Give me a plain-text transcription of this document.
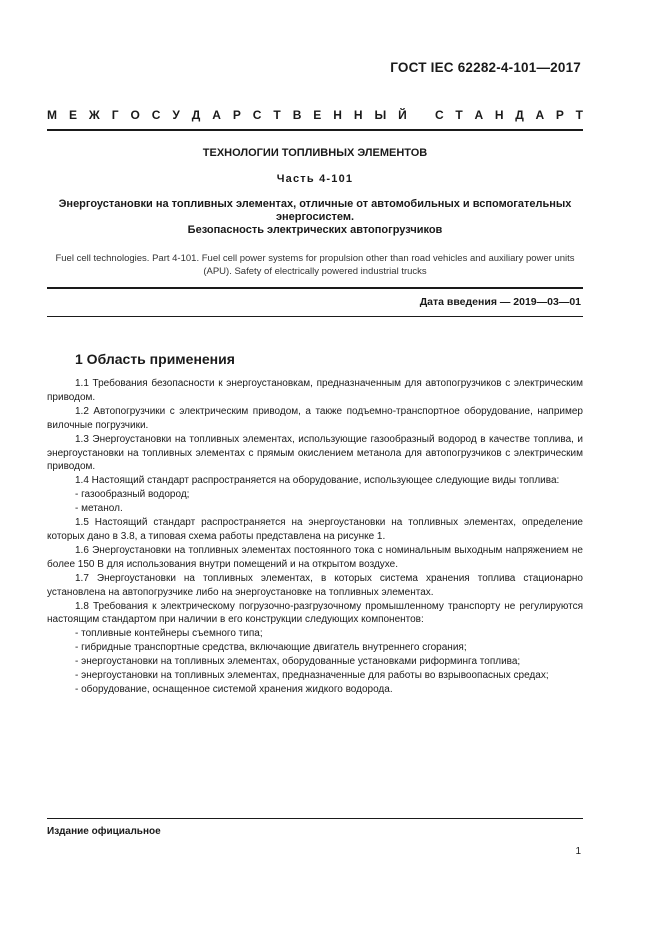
ГОСТ IEC 62282-4-101—2017
М Е Ж Г О С У Д А Р С Т В Е Н Н Ы Й С Т А Н Д А Р Т
ТЕХНОЛОГИИ ТОПЛИВНЫХ ЭЛЕМЕНТОВ
Часть 4-101
Энергоустановки на топливных элементах, отличные от автомобильных и вспомогательных
энергосистем.
Безопасность электрических автопогрузчиков
Fuel cell technologies. Part 4-101. Fuel cell power systems for propulsion other than road vehicles and auxiliary power units (APU). Safety of electrically powered industrial trucks
Дата введения — 2019—03—01
1 Область применения

1.1 Требования безопасности к энергоустановкам, предназначенным для автопогрузчиков с электрическим приводом.

1.2 Автопогрузчики с электрическим приводом, а также подъемно-транспортное оборудование, например вилочные погрузчики.

1.3 Энергоустановки на топливных элементах, использующие газообразный водород в качестве топлива, и энергоустановки на топливных элементах с прямым окислением метанола для автопогрузчиков с электрическим приводом.

1.4 Настоящий стандарт распространяется на оборудование, использующее следующие виды топлива:

- газообразный водород;

- метанол.

1.5 Настоящий стандарт распространяется на энергоустановки на топливных элементах, определение которых дано в 3.8, а типовая схема работы представлена на рисунке 1.

1.6 Энергоустановки на топливных элементах постоянного тока с номинальным выходным напряжением не более 150 В для использования внутри помещений и на открытом воздухе.

1.7 Энергоустановки на топливных элементах, в которых система хранения топлива стационарно установлена на автопогрузчике либо на энергоустановке на топливных элементах.

1.8 Требования к электрическому погрузочно-разгрузочному промышленному транспорту не регулируются настоящим стандартом при наличии в его конструкции следующих компонентов:

- топливные контейнеры съемного типа;

- гибридные транспортные средства, включающие двигатель внутреннего сгорания;

- энергоустановки на топливных элементах, оборудованные установками риформинга топлива;

- энергоустановки на топливных элементах, предназначенные для работы во взрывоопасных средах;

- оборудование, оснащенное системой хранения жидкого водорода.

Издание официальное
1
